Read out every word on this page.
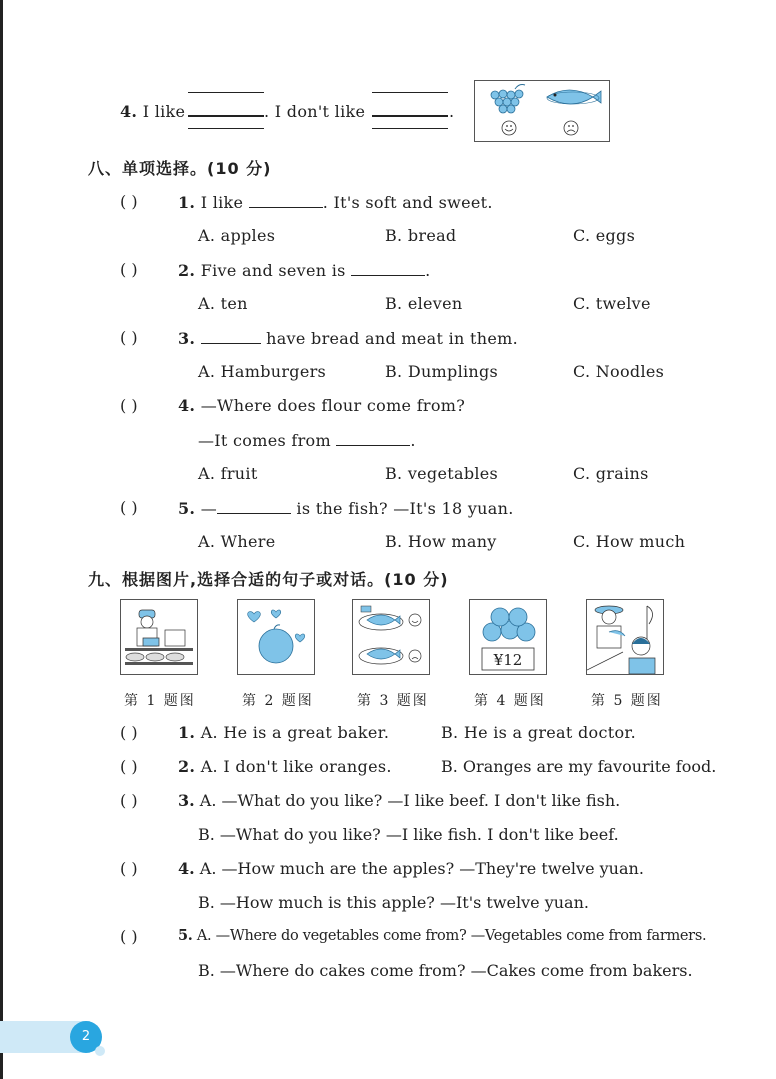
4. I like	. I don't like	.
八、单项选择。(10 分)
( )	1. I like	. It's soft and sweet.
A. apples	B. bread	C. eggs
( )	2. Five and seven is	.
A. ten	B. eleven	C. twelve
( )	3.	have bread and meat in them.
A. Hamburgers	B. Dumplings	C. Noodles
( )	4. —Where does flour come from?
—It comes from	.
A. fruit	B. vegetables	C. grains
( )	5. —	is the fish? —It's 18 yuan.
A. Where	B. How many	C. How much
九、根据图片,选择合适的句子或对话。(10 分)
¥12
第 1 题图	第 2 题图	第 3 题图	第 4 题图	第 5 题图
( )	1. A. He is a great baker.	B. He is a great doctor.
( )	2. A. I don't like oranges.	B. Oranges are my favourite food.
( )	3. A. —What do you like? —I like beef. I don't like fish.
B. —What do you like? —I like fish. I don't like beef.
( )	4. A. —How much are the apples? —They're twelve yuan.
B. —How much is this apple? —It's twelve yuan.
( )	5. A. —Where do vegetables come from? —Vegetables come from farmers.
B. —Where do cakes come from? —Cakes come from bakers.
2
